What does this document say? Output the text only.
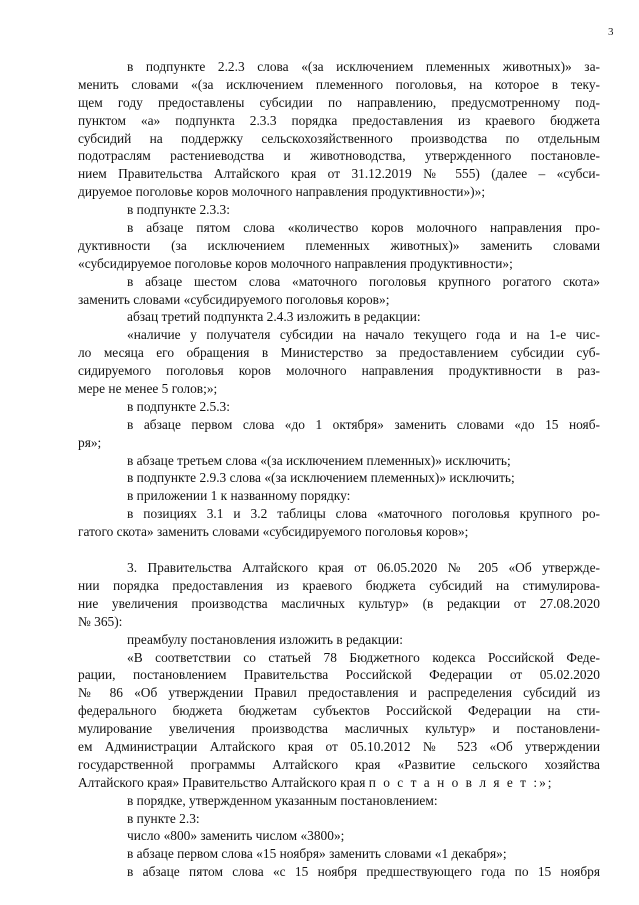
3
в подпункте 2.2.3 слова «(за исключением племенных животных)» за-
менить словами «(за исключением племенного поголовья, на которое в теку-
щем году предоставлены субсидии по направлению, предусмотренному под-
пунктом «а» подпункта 2.3.3 порядка предоставления из краевого бюджета
субсидий на поддержку сельскохозяйственного производства по отдельным
подотраслям растениеводства и животноводства, утвержденного постановле-
нием Правительства Алтайского края от 31.12.2019 № 555) (далее – «субси-
дируемое поголовье коров молочного направления продуктивности»)»;
в подпункте 2.3.3:
в абзаце пятом слова «количество коров молочного направления про-
дуктивности (за исключением племенных животных)» заменить словами
«субсидируемое поголовье коров молочного направления продуктивности»;
в абзаце шестом слова «маточного поголовья крупного рогатого скота»
заменить словами «субсидируемого поголовья коров»;
абзац третий подпункта 2.4.3 изложить в редакции:
«наличие у получателя субсидии на начало текущего года и на 1-е чис-
ло месяца его обращения в Министерство за предоставлением субсидии суб-
сидируемого поголовья коров молочного направления продуктивности в раз-
мере не менее 5 голов;»;
в подпункте 2.5.3:
в абзаце первом слова «до 1 октября» заменить словами «до 15 нояб-
ря»;
в абзаце третьем слова «(за исключением племенных)» исключить;
в подпункте 2.9.3 слова «(за исключением племенных)» исключить;
в приложении 1 к названному порядку:
в позициях 3.1 и 3.2 таблицы слова «маточного поголовья крупного ро-
гатого скота» заменить словами «субсидируемого поголовья коров»;
3. Правительства Алтайского края от 06.05.2020 № 205 «Об утвержде-
нии порядка предоставления из краевого бюджета субсидий на стимулирова-
ние увеличения производства масличных культур» (в редакции от 27.08.2020
№ 365):
преамбулу постановления изложить в редакции:
«В соответствии со статьей 78 Бюджетного кодекса Российской Феде-
рации, постановлением Правительства Российской Федерации от 05.02.2020
№ 86 «Об утверждении Правил предоставления и распределения субсидий из
федерального бюджета бюджетам субъектов Российской Федерации на сти-
мулирование увеличения производства масличных культур» и постановлени-
ем Администрации Алтайского края от 05.10.2012 № 523 «Об утверждении
государственной программы Алтайского края «Развитие сельского хозяйства
Алтайского края» Правительство Алтайского края п о с т а н о в л я е т :»;
в порядке, утвержденном указанным постановлением:
в пункте 2.3:
число «800» заменить числом «3800»;
в абзаце первом слова «15 ноября» заменить словами «1 декабря»;
в абзаце пятом слова «с 15 ноября предшествующего года по 15 ноября
